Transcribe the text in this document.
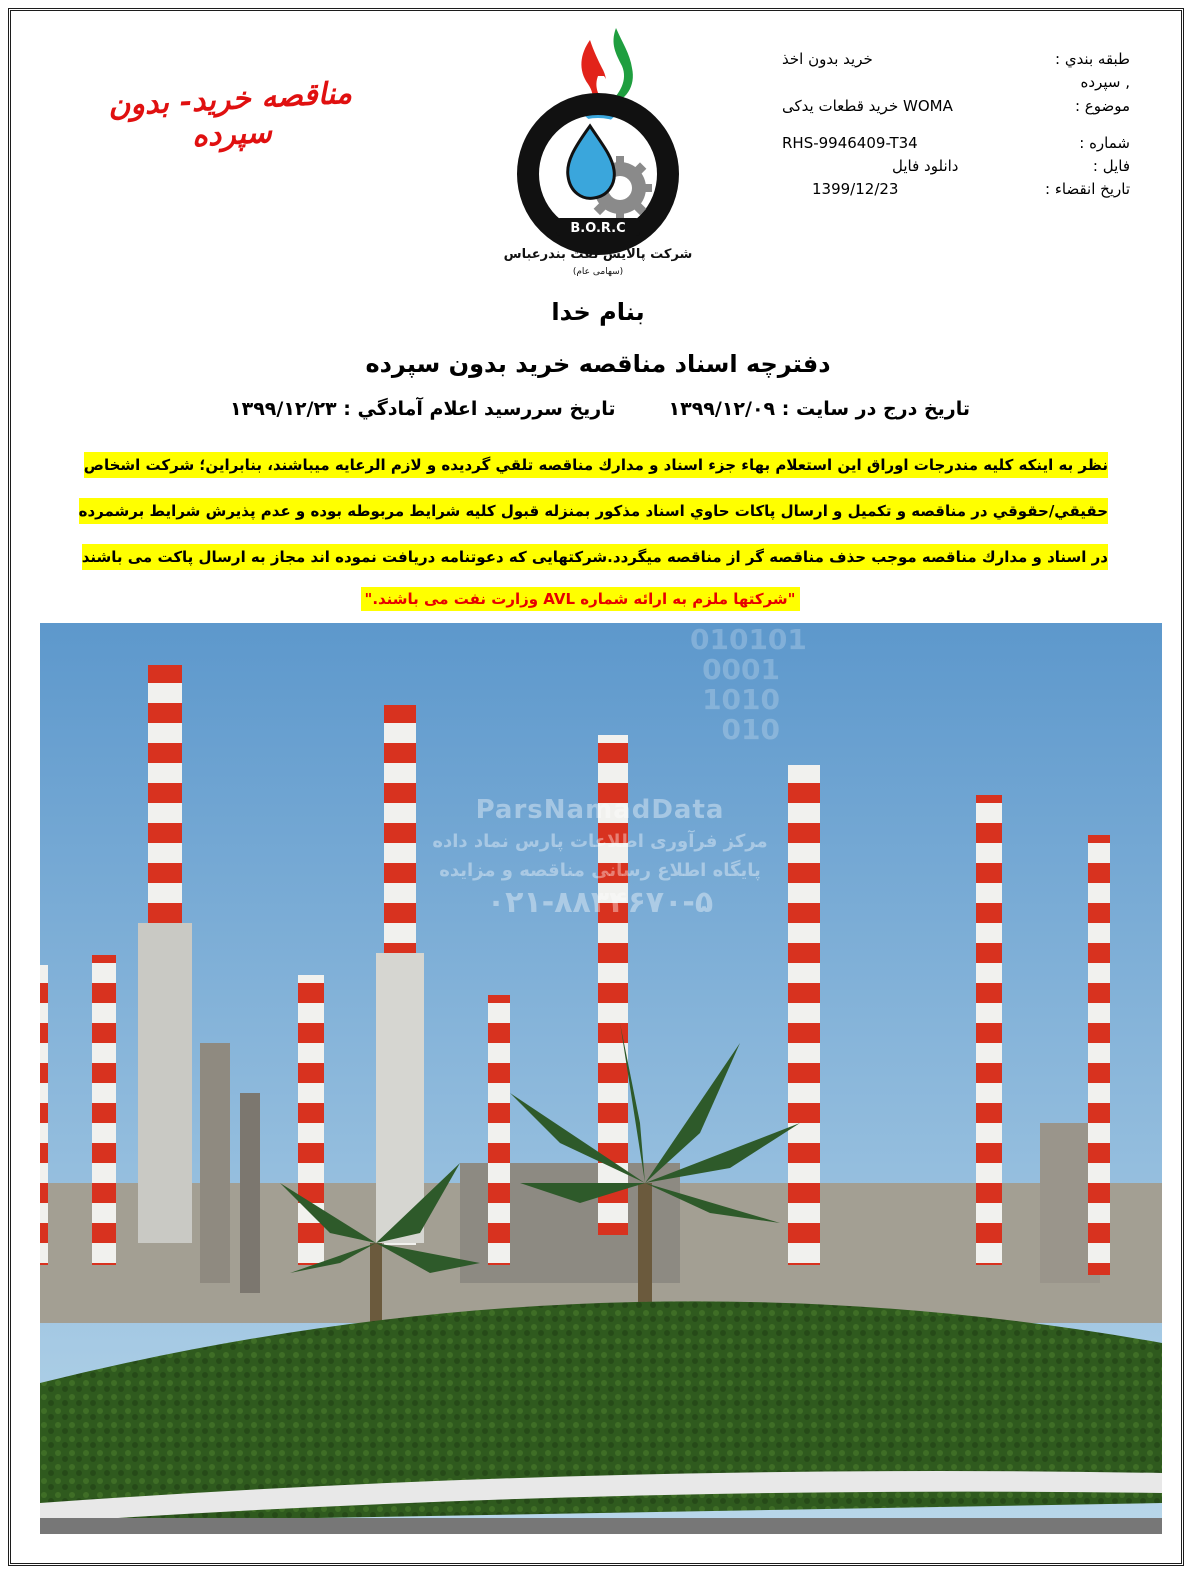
طبقه بندي :
خريد بدون اخذ
, سپرده
موضوع :
WOMA خرید قطعات یدکی
شماره :
RHS-9946409-T34
فايل :
دانلود فايل
تاريخ انقضاء :
1399/12/23
B.O.R.C
شرکت پالایش نفت بندرعباس
(سهامی عام)
مناقصه خرید- بدون سپرده
بنام خدا
دفترچه اسناد مناقصه خريد بدون سپرده
تاريخ درج در سايت : ۱۳۹۹/۱۲/۰۹
تاريخ سررسيد اعلام آمادگي : ۱۳۹۹/۱۲/۲۳
نظر به اينكه كليه مندرجات اوراق اين استعلام بهاء جزء اسناد و مدارك مناقصه تلقي گرديده و لازم الرعايه ميباشند، بنابراين؛ شركت اشخاص
حقيقي/حقوقي در مناقصه و تكميل و ارسال پاكات حاوي اسناد مذكور بمنزله قبول كليه شرايط مربوطه بوده و عدم پذيرش شرايط برشمرده
در اسناد و مدارك مناقصه موجب حذف مناقصه گر از مناقصه ميگردد.شرکتهایی که دعوتنامه دریافت نموده اند مجاز به ارسال پاکت می باشند
"شرکتها ملزم به ارائه شماره AVL وزارت نفت می باشند."
010101
0001
1010
010
ParsNamadData
مرکز فرآوری اطلاعات پارس نماد داده
پایگاه اطلاع رسانی مناقصه و مزایده
۰۲۱-۸۸۳۴۶۷۰-۵
